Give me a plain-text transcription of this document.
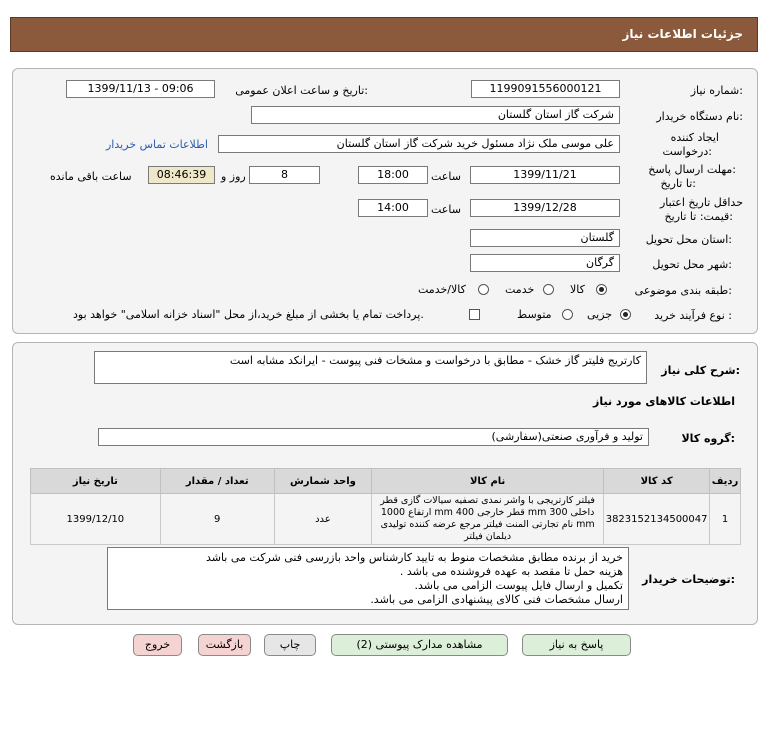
جزئیات اطلاعات نیاز
شماره نیاز:
1199091556000121
تاریخ و ساعت اعلان عمومی:
1399/11/13 - 09:06
نام دستگاه خریدار:
شرکت گاز استان گلستان
ایجاد کننده
درخواست:
علی موسی ملک نژاد مسئول خرید شرکت گاز استان گلستان
اطلاعات تماس خریدار
مهلت ارسال پاسخ:
تا تاریخ:
1399/11/21
ساعت
18:00
8
روز و
08:46:39
ساعت باقی مانده
حداقل تاریخ اعتبار
قیمت: تا تاریخ:
1399/12/28
ساعت
14:00
استان محل تحویل:
گلستان
شهر محل تحویل:
گرگان
طبقه بندی موضوعی:
کالا
خدمت
کالا/خدمت
نوع فرآیند خرید :
جزیی
متوسط
پرداخت تمام یا بخشی از مبلغ خرید،از محل "اسناد خزانه اسلامی" خواهد بود.
شرح کلی نیاز:
کارتریج فلیتر گاز خشک - مطابق با درخواست و مشخات فنی پیوست - ایرانکد مشابه است
اطلاعات کالاهای مورد نیاز
گروه کالا:
تولید و فرآوری صنعتی(سفارشی)
ردیف	کد کالا	نام کالا	واحد شمارش	تعداد / مقدار	تاریخ نیاز
1	3823152134500047	فیلتر کارتریجی با واشر نمدی تصفیه سیالات گازی قطر داخلی 300 mm قطر خارجی 400 mm ارتفاع 1000 mm نام تجارتی المنت فیلتر مرجع عرضه کننده تولیدی دیلمان فیلتر	عدد	9	1399/12/10
توضیحات خریدار:
خرید از برنده مطابق مشخصات منوط به تایید کارشناس واحد بازرسی فنی شرکت می باشد
هزینه حمل تا مقصد به عهده فروشنده می باشد .
تکمیل و ارسال فایل پیوست الزامی می باشد.
ارسال مشخصات فنی کالای پیشنهادی الزامی می باشد.
پاسخ به نیاز
مشاهده مدارک پیوستی (2)
چاپ
بازگشت
خروج
